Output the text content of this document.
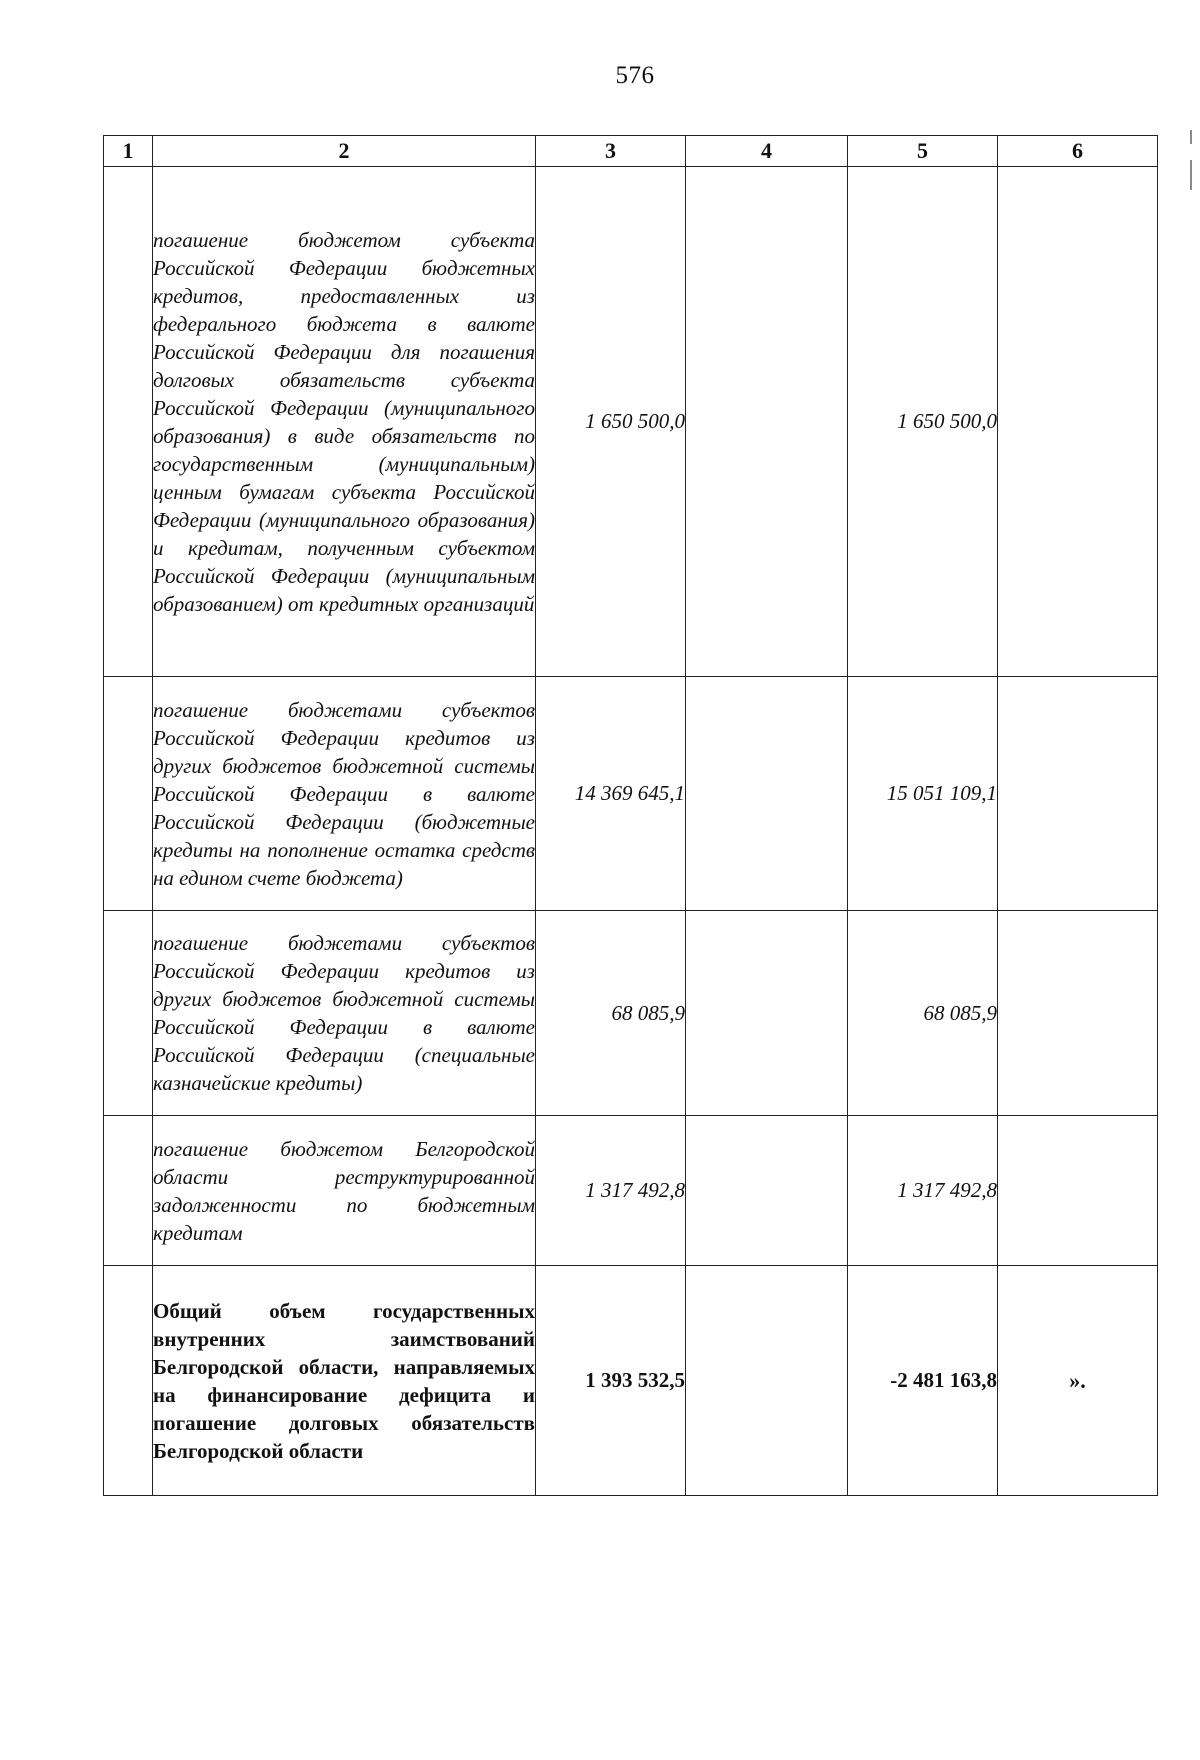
576
1	2	3	4	5	6
	погашение бюджетом субъекта Российской Федерации бюджетных кредитов, предоставленных из федерального бюджета в валюте Российской Федерации для погашения долговых обязательств субъекта Российской Федерации (муниципального образования) в виде обязательств по государственным (муниципальным) ценным бумагам субъекта Российской Федерации (муниципального образования) и кредитам, полученным субъектом Российской Федерации (муниципальным образованием) от кредитных организаций	1 650 500,0		1 650 500,0	
	погашение бюджетами субъектов Российской Федерации кредитов из других бюджетов бюджетной системы Российской Федерации в валюте Российской Федерации (бюджетные кредиты на пополнение остатка средств на едином счете бюджета)	14 369 645,1		15 051 109,1	
	погашение бюджетами субъектов Российской Федерации кредитов из других бюджетов бюджетной системы Российской Федерации в валюте Российской Федерации (специальные казначейские кредиты)	68 085,9		68 085,9	
	погашение бюджетом Белгородской области реструктурированной задолженности по бюджетным кредитам	1 317 492,8		1 317 492,8	
	Общий объем государственных внутренних заимствований Белгородской области, направляемых на финансирование дефицита и погашение долговых обязательств Белгородской области	1 393 532,5		-2 481 163,8	».
